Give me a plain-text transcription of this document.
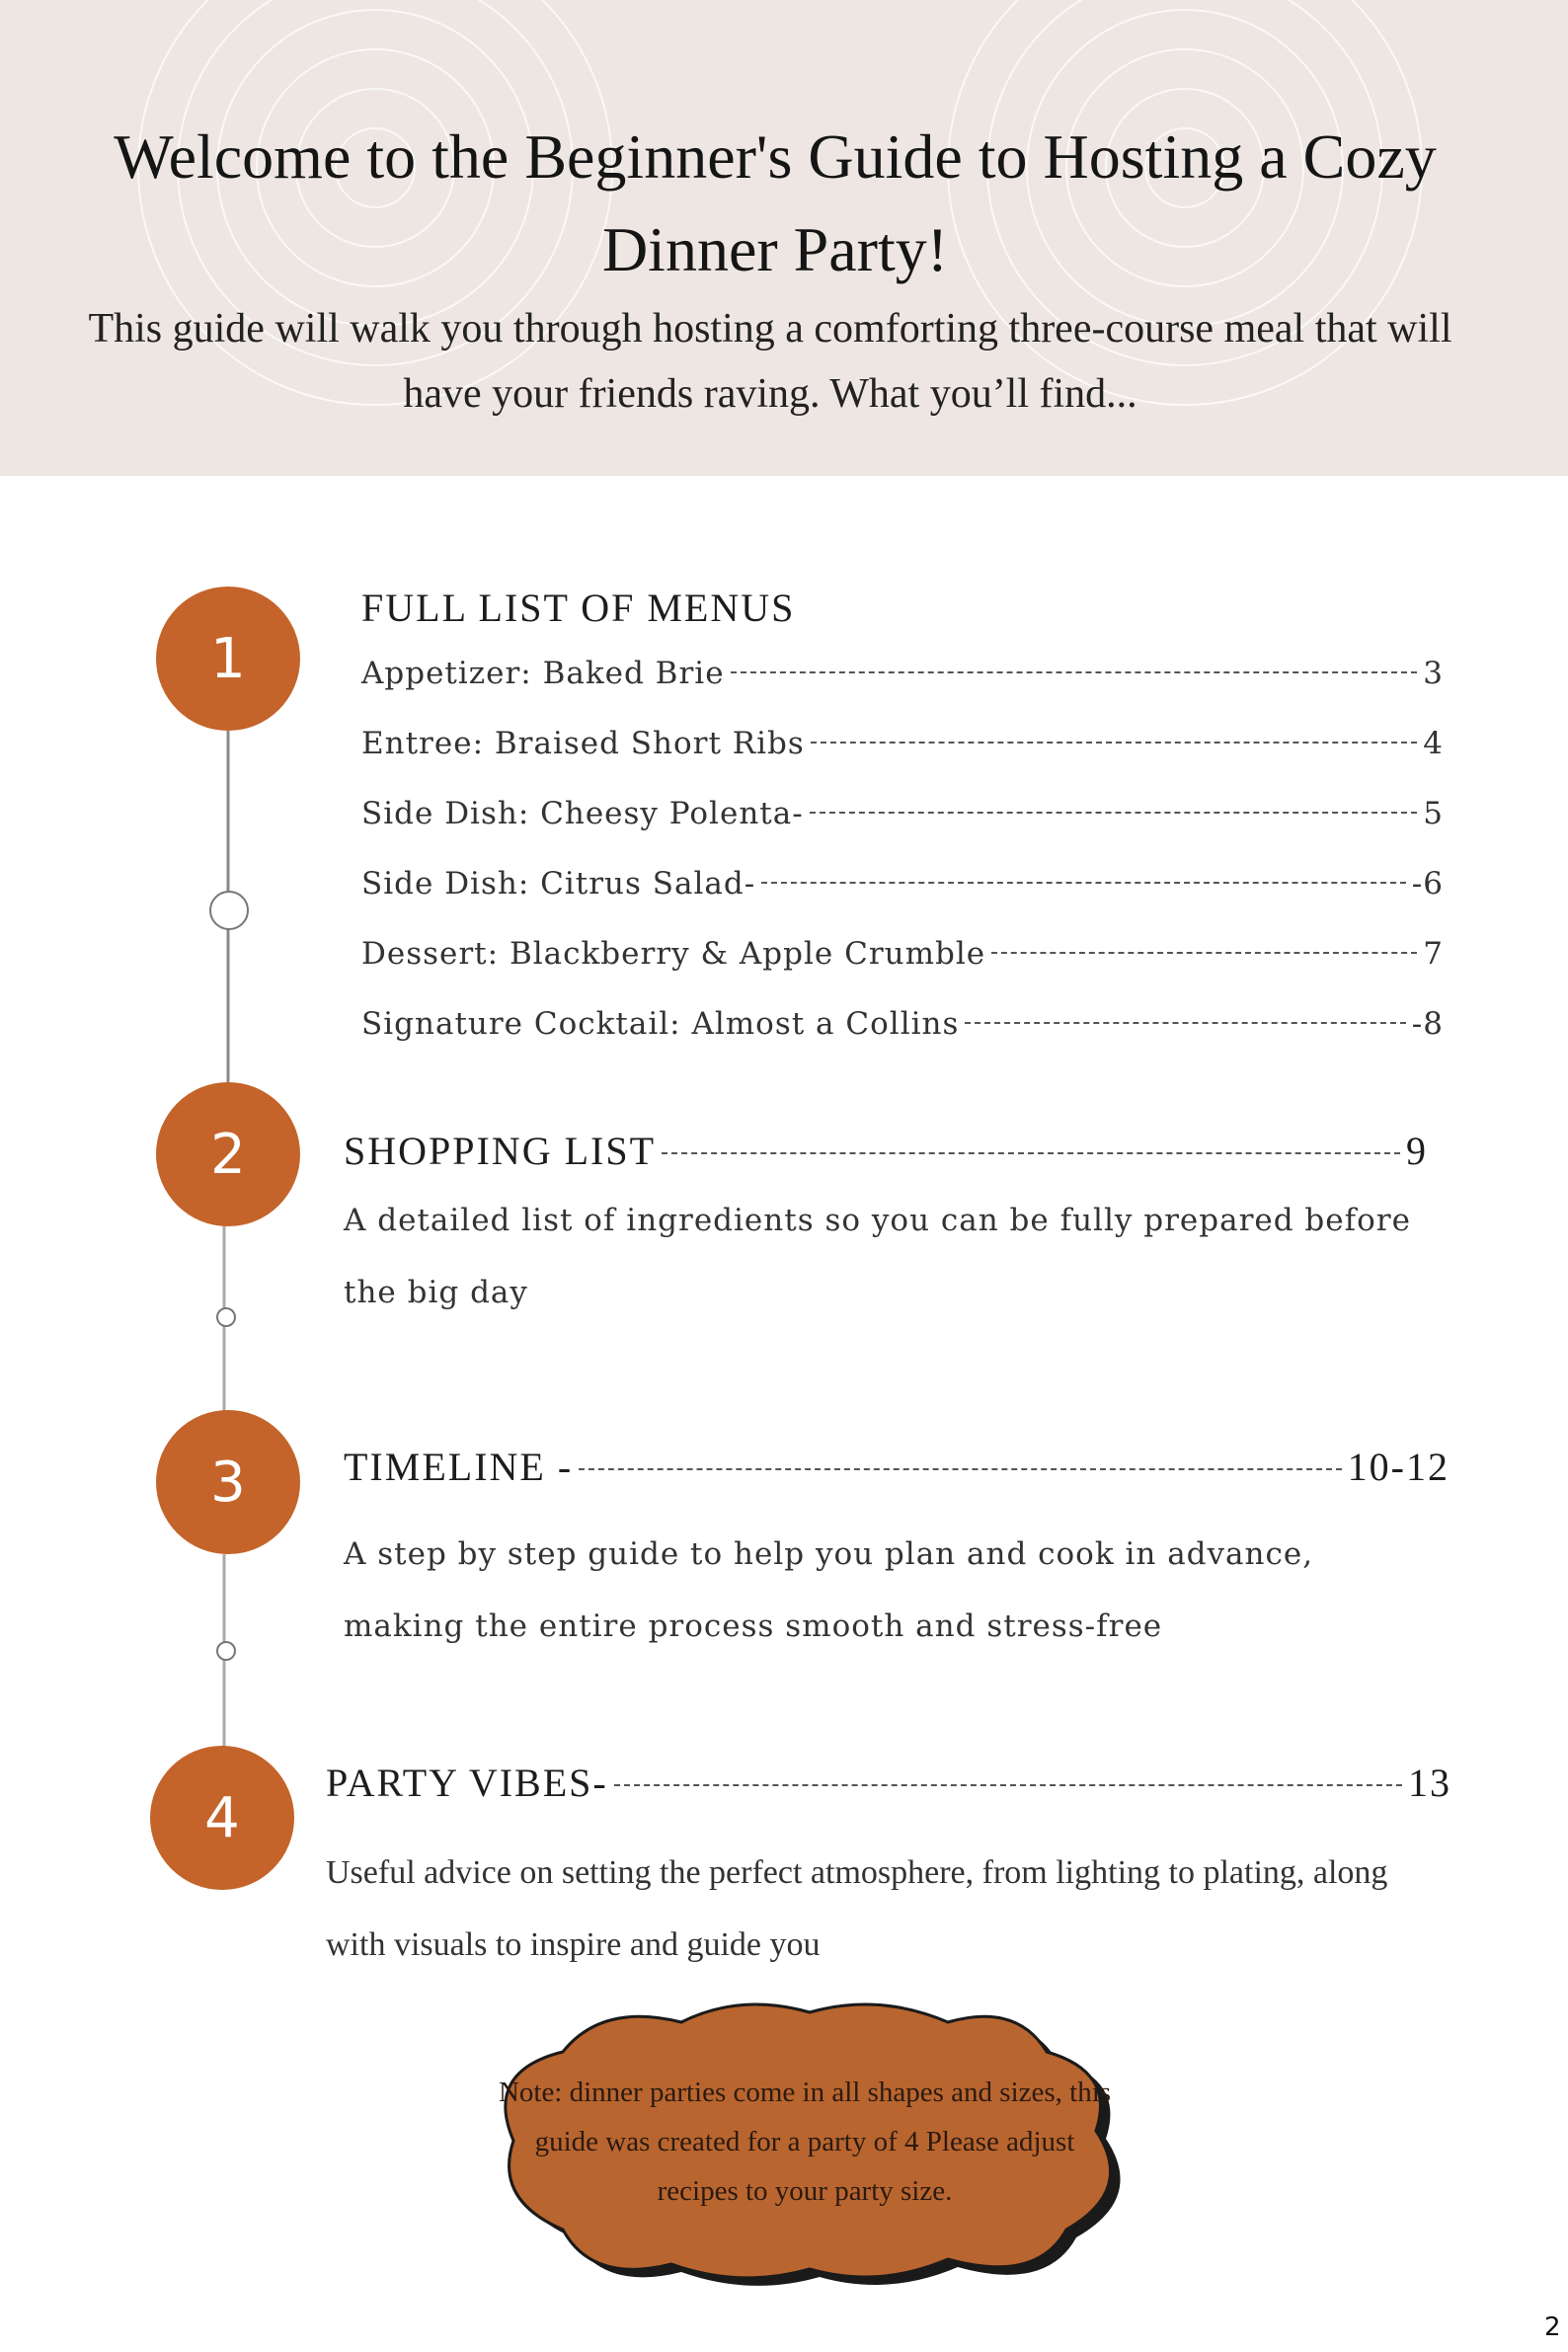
Welcome to the Beginner's Guide to Hosting a Cozy Dinner Party!

This guide will walk you through hosting a comforting three-course meal that will have your friends raving. What you’ll find...

1
2
3
4
FULL LIST OF MENUS
Appetizer: Baked Brie	3
Entree: Braised Short Ribs	4
Side Dish: Cheesy Polenta-	5
Side Dish: Citrus Salad-	-6
Dessert: Blackberry & Apple Crumble	7
Signature Cocktail: Almost a Collins	-8
SHOPPING LIST	9

A detailed list of ingredients so you can be fully prepared before the big day

TIMELINE -	10-12

A step by step guide to help you plan and cook in advance, making the entire process smooth and stress-free

PARTY VIBES-	13

Useful advice on setting the perfect atmosphere, from lighting to plating, along with visuals to inspire and guide you

Note: dinner parties come in all shapes and sizes, this guide was created for a party of 4 Please adjust recipes to your party size.

2
